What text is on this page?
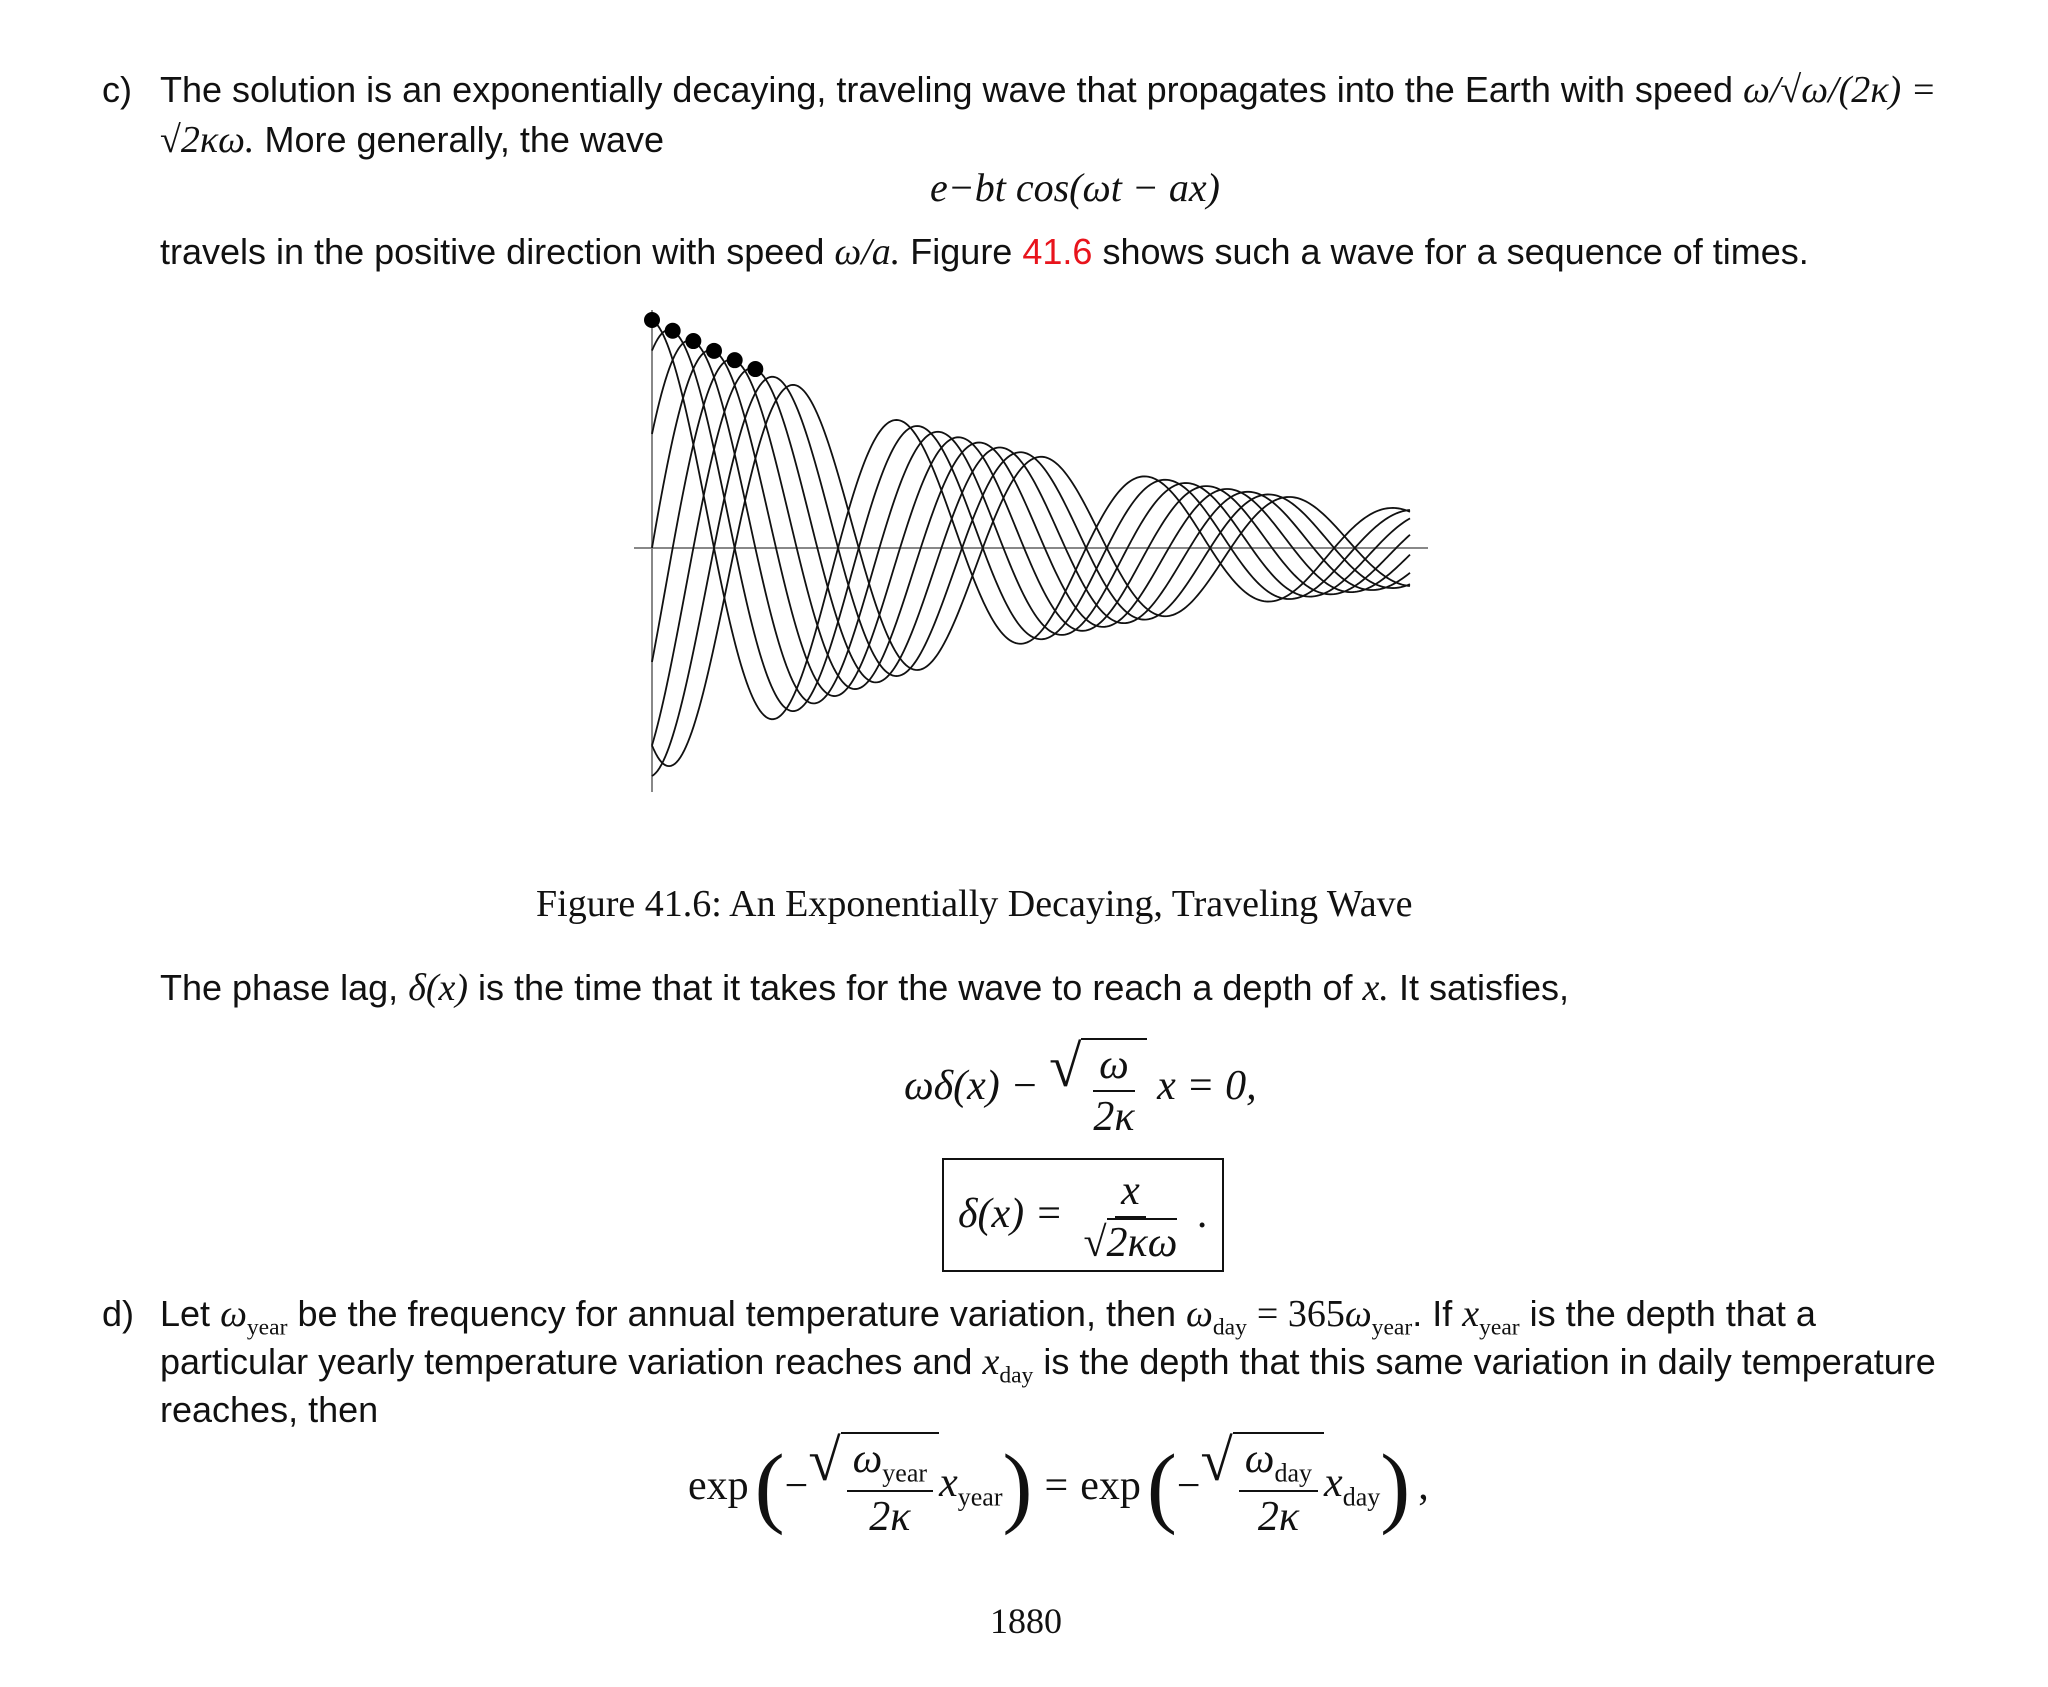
c) The solution is an exponentially decaying, traveling wave that propagates into the Earth with speed ω/√ω/(2κ) =
√2κω. More generally, the wave
e−bt cos(ωt − ax)
travels in the positive direction with speed ω/a. Figure 41.6 shows such a wave for a sequence of times.
Figure 41.6: An Exponentially Decaying, Traveling Wave
The phase lag, δ(x) is the time that it takes for the wave to reach a depth of x. It satisfies,
ωδ(x) − √ $\frac{\omega}{2\kappa}$ x = 0,
$\delta(x) = \frac{x}{√2\kappa\omega}$ .
d) Let $\omega_{year}$ be the frequency for annual temperature variation, then $\omega_{day} = 365\omega_{year}$. If $x_{year}$ is the depth that a
particular yearly temperature variation reaches and $x_{day}$ is the depth that this same variation in daily temperature
reaches, then
exp ( − √ $\frac{\omega_{year}}{2\kappa} x_{year}$ ) = exp ( − √ $\frac{\omega_{day}}{2\kappa} x_{day}$ ) ,
1880
